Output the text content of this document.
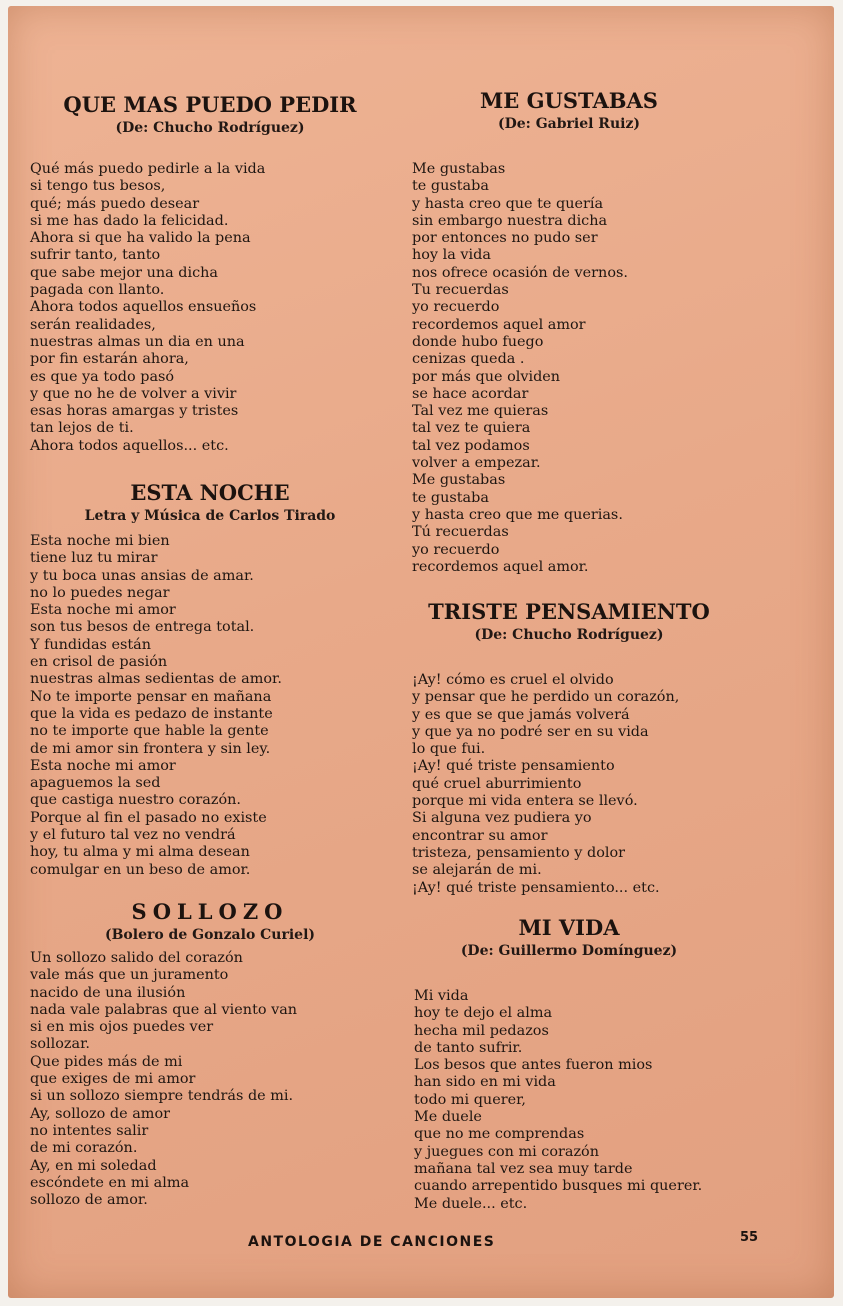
QUE MAS PUEDO PEDIR

(De: Chucho Rodríguez)

Qué más puedo pedirle a la vida
si tengo tus besos,
qué; más puedo desear
si me has dado la felicidad.
Ahora si que ha valido la pena
sufrir tanto, tanto
que sabe mejor una dicha
pagada con llanto.
Ahora todos aquellos ensueños
serán realidades,
nuestras almas un dia en una
por fin estarán ahora,
es que ya todo pasó
y que no he de volver a vivir
esas horas amargas y tristes
tan lejos de ti.
Ahora todos aquellos... etc.
ESTA NOCHE

Letra y Música de Carlos Tirado

Esta noche mi bien
tiene luz tu mirar
y tu boca unas ansias de amar.
no lo puedes negar
Esta noche mi amor
son tus besos de entrega total.
Y fundidas están
en crisol de pasión
nuestras almas sedientas de amor.
No te importe pensar en mañana
que la vida es pedazo de instante
no te importe que hable la gente
de mi amor sin frontera y sin ley.
Esta noche mi amor
apaguemos la sed
que castiga nuestro corazón.
Porque al fin el pasado no existe
y el futuro tal vez no vendrá
hoy, tu alma y mi alma desean
comulgar en un beso de amor.
SOLLOZO

(Bolero de Gonzalo Curiel)

Un sollozo salido del corazón
vale más que un juramento
nacido de una ilusión
nada vale palabras que al viento van
si en mis ojos puedes ver
sollozar.
Que pides más de mi
que exiges de mi amor
si un sollozo siempre tendrás de mi.
Ay, sollozo de amor
no intentes salir
de mi corazón.
Ay, en mi soledad
escóndete en mi alma
sollozo de amor.
ME GUSTABAS

(De: Gabriel Ruiz)

Me gustabas
te gustaba
y hasta creo que te quería
sin embargo nuestra dicha
por entonces no pudo ser
hoy la vida
nos ofrece ocasión de vernos.
Tu recuerdas
yo recuerdo
recordemos aquel amor
donde hubo fuego
cenizas queda .
por más que olviden
se hace acordar
Tal vez me quieras
tal vez te quiera
tal vez podamos
volver a empezar.
Me gustabas
te gustaba
y hasta creo que me querias.
Tú recuerdas
yo recuerdo
recordemos aquel amor.
TRISTE PENSAMIENTO

(De: Chucho Rodríguez)

¡Ay! cómo es cruel el olvido
y pensar que he perdido un corazón,
y es que se que jamás volverá
y que ya no podré ser en su vida
lo que fui.
¡Ay! qué triste pensamiento
qué cruel aburrimiento
porque mi vida entera se llevó.
Si alguna vez pudiera yo
encontrar su amor
tristeza, pensamiento y dolor
se alejarán de mi.
¡Ay! qué triste pensamiento... etc.
MI VIDA

(De: Guillermo Domínguez)

Mi vida
hoy te dejo el alma
hecha mil pedazos
de tanto sufrir.
Los besos que antes fueron mios
han sido en mi vida
todo mi querer,
Me duele
que no me comprendas
y juegues con mi corazón
mañana tal vez sea muy tarde
cuando arrepentido busques mi querer.
Me duele... etc.
ANTOLOGIA DE CANCIONES	55
